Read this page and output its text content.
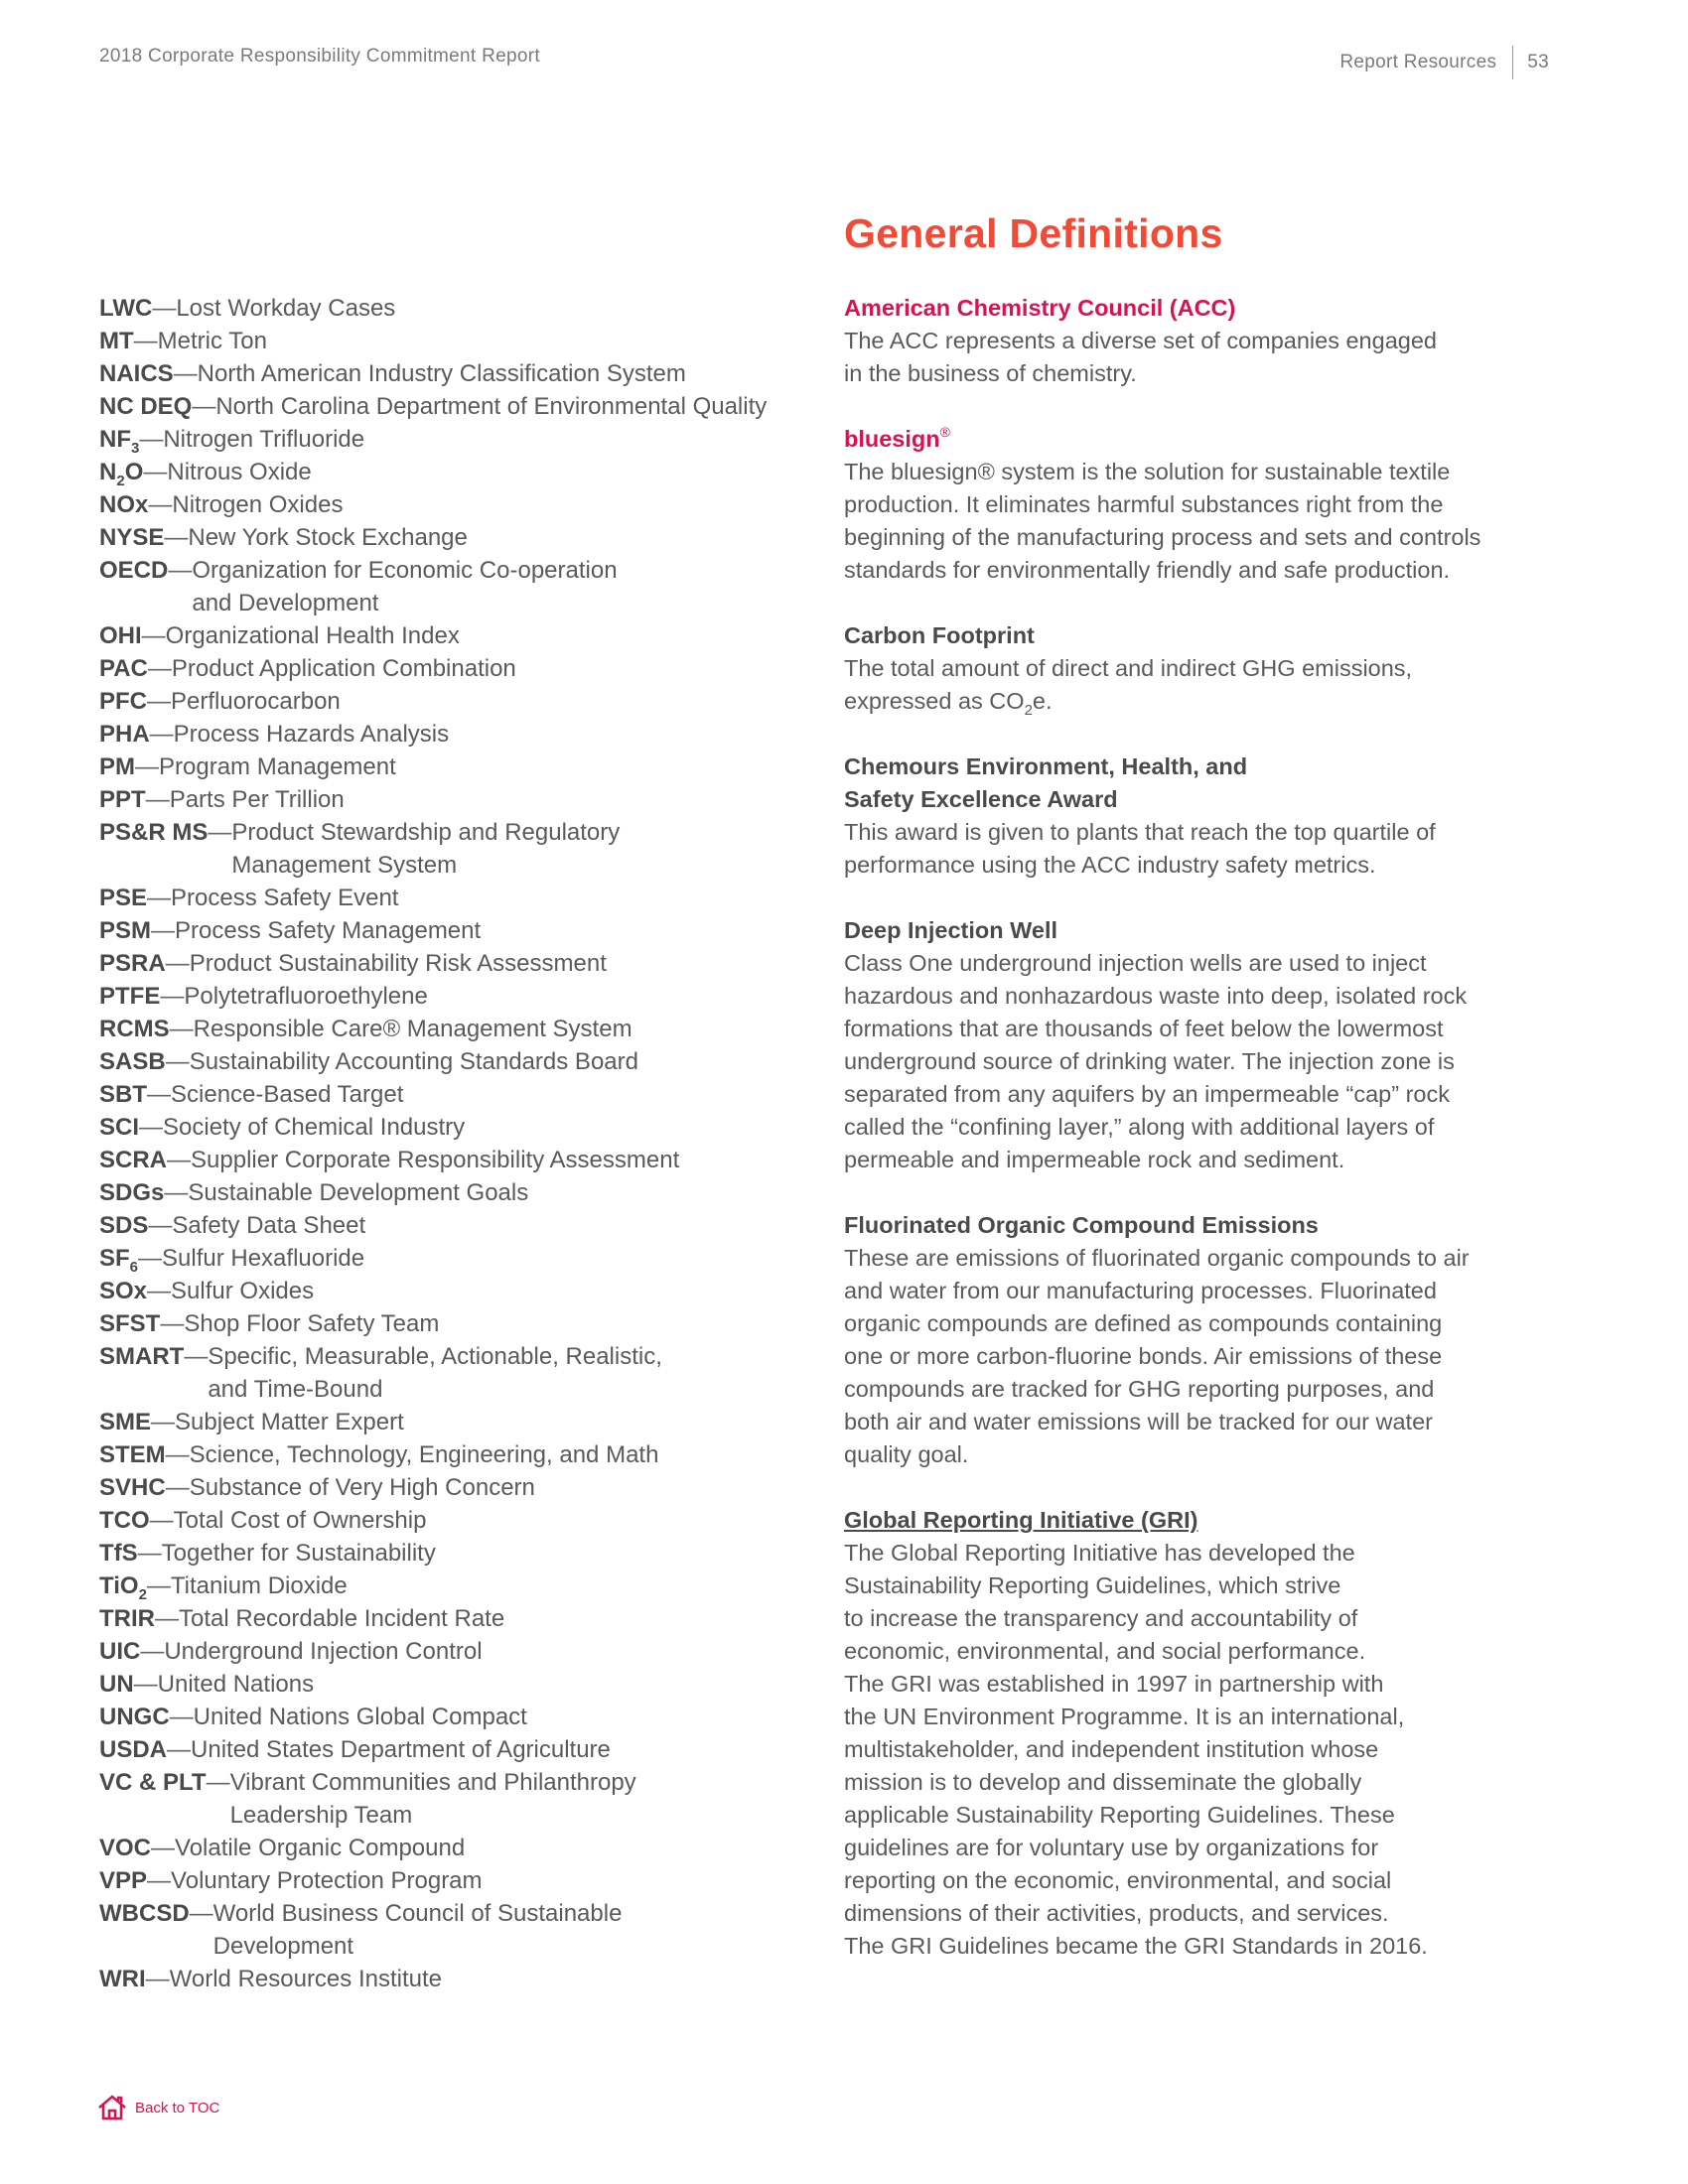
2018 Corporate Responsibility Commitment Report	Report Resources 53
General Definitions
LWC — Lost Workday Cases
MT — Metric Ton
NAICS — North American Industry Classification System
NC DEQ — North Carolina Department of Environmental Quality
$NF_3$ — Nitrogen Trifluoride
$N_2O$ — Nitrous Oxide
NOx — Nitrogen Oxides
NYSE — New York Stock Exchange
OECD — Organization for Economic Co-operation
and Development
OHI — Organizational Health Index
PAC — Product Application Combination
PFC — Perfluorocarbon
PHA — Process Hazards Analysis
PM — Program Management
PPT — Parts Per Trillion
PS&R MS — Product Stewardship and Regulatory
Management System
PSE — Process Safety Event
PSM — Process Safety Management
PSRA — Product Sustainability Risk Assessment
PTFE — Polytetrafluoroethylene
RCMS — Responsible Care® Management System
SASB — Sustainability Accounting Standards Board
SBT — Science-Based Target
SCI — Society of Chemical Industry
SCRA — Supplier Corporate Responsibility Assessment
SDGs — Sustainable Development Goals
SDS — Safety Data Sheet
$SF_6$ — Sulfur Hexafluoride
SOx — Sulfur Oxides
SFST — Shop Floor Safety Team
SMART — Specific, Measurable, Actionable, Realistic,
and Time-Bound
SME — Subject Matter Expert
STEM — Science, Technology, Engineering, and Math
SVHC — Substance of Very High Concern
TCO — Total Cost of Ownership
TfS — Together for Sustainability
TiO$_2$ — Titanium Dioxide
TRIR — Total Recordable Incident Rate
UIC — Underground Injection Control
UN — United Nations
UNGC — United Nations Global Compact
USDA — United States Department of Agriculture
VC & PLT — Vibrant Communities and Philanthropy
Leadership Team
VOC — Volatile Organic Compound
VPP — Voluntary Protection Program
WBCSD — World Business Council of Sustainable
Development
WRI — World Resources Institute
American Chemistry Council (ACC)
The ACC represents a diverse set of companies engaged
in the business of chemistry.
bluesign®
The bluesign® system is the solution for sustainable textile
production. It eliminates harmful substances right from the
beginning of the manufacturing process and sets and controls
standards for environmentally friendly and safe production.
Carbon Footprint
The total amount of direct and indirect GHG emissions,
expressed as $CO_2e$.
Chemours Environment, Health, and
Safety Excellence Award
This award is given to plants that reach the top quartile of
performance using the ACC industry safety metrics.
Deep Injection Well
Class One underground injection wells are used to inject
hazardous and nonhazardous waste into deep, isolated rock
formations that are thousands of feet below the lowermost
underground source of drinking water. The injection zone is
separated from any aquifers by an impermeable “cap” rock
called the “confining layer,” along with additional layers of
permeable and impermeable rock and sediment.
Fluorinated Organic Compound Emissions
These are emissions of fluorinated organic compounds to air
and water from our manufacturing processes. Fluorinated
organic compounds are defined as compounds containing
one or more carbon-fluorine bonds. Air emissions of these
compounds are tracked for GHG reporting purposes, and
both air and water emissions will be tracked for our water
quality goal.
Global Reporting Initiative (GRI)
The Global Reporting Initiative has developed the
Sustainability Reporting Guidelines, which strive
to increase the transparency and accountability of
economic, environmental, and social performance.
The GRI was established in 1997 in partnership with
the UN Environment Programme. It is an international,
multistakeholder, and independent institution whose
mission is to develop and disseminate the globally
applicable Sustainability Reporting Guidelines. These
guidelines are for voluntary use by organizations for
reporting on the economic, environmental, and social
dimensions of their activities, products, and services.
The GRI Guidelines became the GRI Standards in 2016.
Back to TOC
